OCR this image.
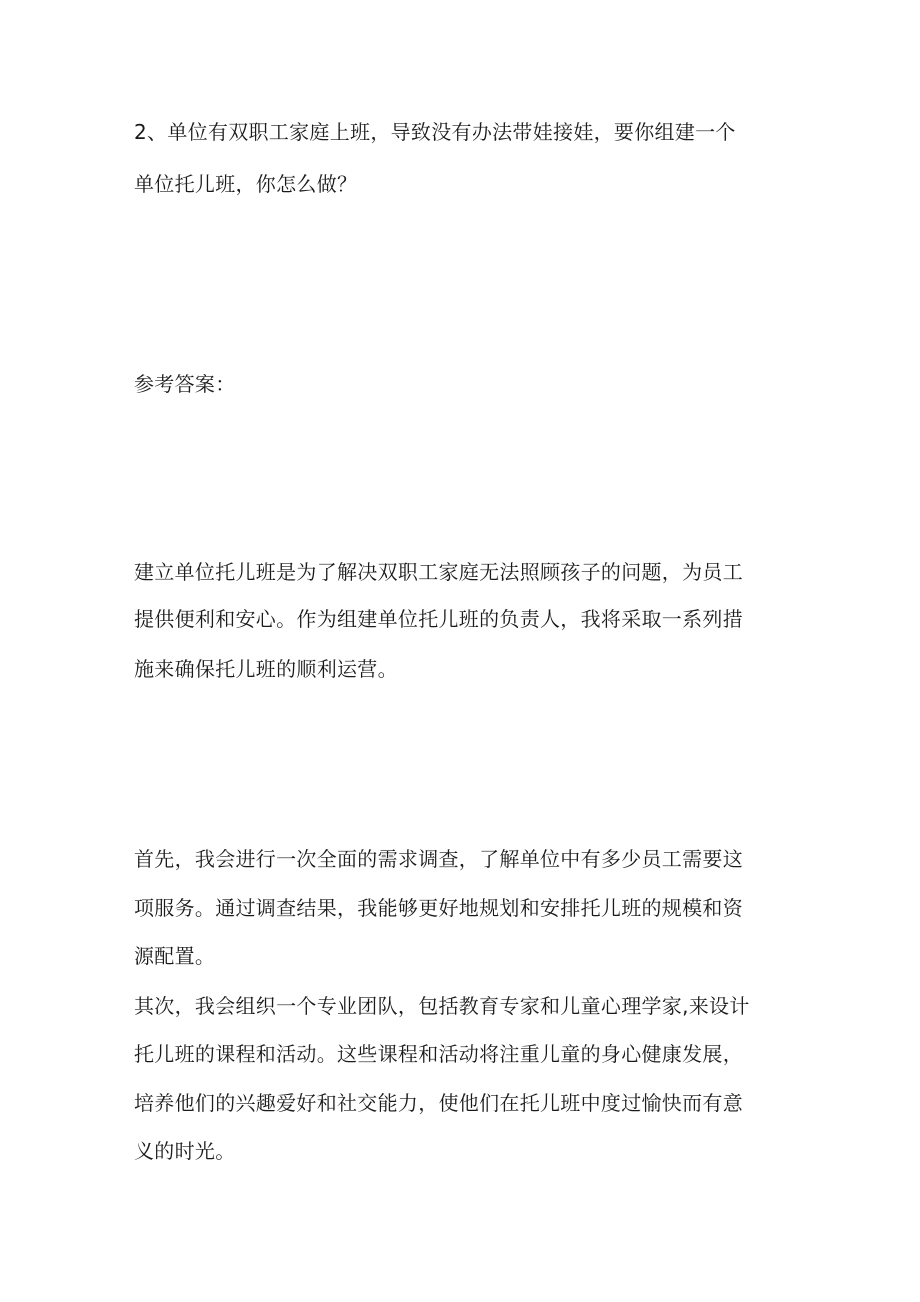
2、单位有双职工家庭上班，导致没有办法带娃接娃，要你组建一个
单位托儿班，你怎么做？
参考答案：
建立单位托儿班是为了解决双职工家庭无法照顾孩子的问题，为员工
提供便利和安心。作为组建单位托儿班的负责人，我将采取一系列措
施来确保托儿班的顺利运营。
首先，我会进行一次全面的需求调查，了解单位中有多少员工需要这
项服务。通过调查结果，我能够更好地规划和安排托儿班的规模和资
源配置。
其次，我会组织一个专业团队，包括教育专家和儿童心理学家,来设计
托儿班的课程和活动。这些课程和活动将注重儿童的身心健康发展，
培养他们的兴趣爱好和社交能力，使他们在托儿班中度过愉快而有意
义的时光。
